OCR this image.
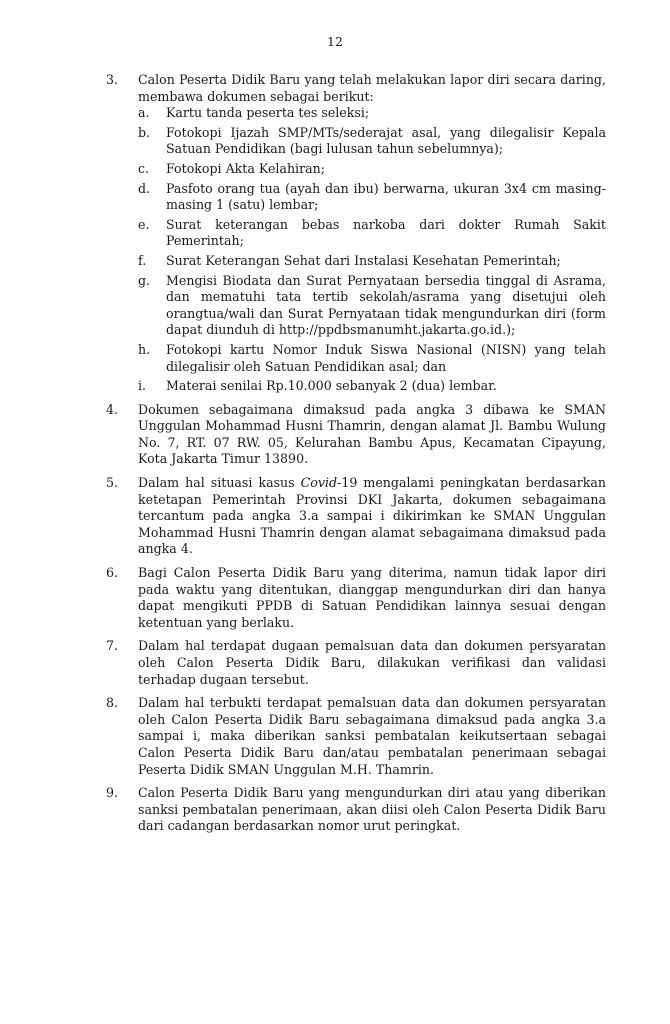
12
3. Calon Peserta Didik Baru yang telah melakukan lapor diri secara daring, membawa dokumen sebagai berikut:
a. Kartu tanda peserta tes seleksi;
b. Fotokopi Ijazah SMP/MTs/sederajat asal, yang dilegalisir Kepala Satuan Pendidikan (bagi lulusan tahun sebelumnya);
c. Fotokopi Akta Kelahiran;
d. Pasfoto orang tua (ayah dan ibu) berwarna, ukuran 3x4 cm masing-masing 1 (satu) lembar;
e. Surat keterangan bebas narkoba dari dokter Rumah Sakit Pemerintah;
f. Surat Keterangan Sehat dari Instalasi Kesehatan Pemerintah;
g. Mengisi Biodata dan Surat Pernyataan bersedia tinggal di Asrama, dan mematuhi tata tertib sekolah/asrama yang disetujui oleh orangtua/wali dan Surat Pernyataan tidak mengundurkan diri (form dapat diunduh di http://ppdbsmanumht.jakarta.go.id.);
h. Fotokopi kartu Nomor Induk Siswa Nasional (NISN) yang telah dilegalisir oleh Satuan Pendidikan asal; dan
i. Materai senilai Rp.10.000 sebanyak 2 (dua) lembar.
4. Dokumen sebagaimana dimaksud pada angka 3 dibawa ke SMAN Unggulan Mohammad Husni Thamrin, dengan alamat Jl. Bambu Wulung No. 7, RT. 07 RW. 05, Kelurahan Bambu Apus, Kecamatan Cipayung, Kota Jakarta Timur 13890.
5. Dalam hal situasi kasus Covid-19 mengalami peningkatan berdasarkan ketetapan Pemerintah Provinsi DKI Jakarta, dokumen sebagaimana tercantum pada angka 3.a sampai i dikirimkan ke SMAN Unggulan Mohammad Husni Thamrin dengan alamat sebagaimana dimaksud pada angka 4.
6. Bagi Calon Peserta Didik Baru yang diterima, namun tidak lapor diri pada waktu yang ditentukan, dianggap mengundurkan diri dan hanya dapat mengikuti PPDB di Satuan Pendidikan lainnya sesuai dengan ketentuan yang berlaku.
7. Dalam hal terdapat dugaan pemalsuan data dan dokumen persyaratan oleh Calon Peserta Didik Baru, dilakukan verifikasi dan validasi terhadap dugaan tersebut.
8. Dalam hal terbukti terdapat pemalsuan data dan dokumen persyaratan oleh Calon Peserta Didik Baru sebagaimana dimaksud pada angka 3.a sampai i, maka diberikan sanksi pembatalan keikutsertaan sebagai Calon Peserta Didik Baru dan/atau pembatalan penerimaan sebagai Peserta Didik SMAN Unggulan M.H. Thamrin.
9. Calon Peserta Didik Baru yang mengundurkan diri atau yang diberikan sanksi pembatalan penerimaan, akan diisi oleh Calon Peserta Didik Baru dari cadangan berdasarkan nomor urut peringkat.
